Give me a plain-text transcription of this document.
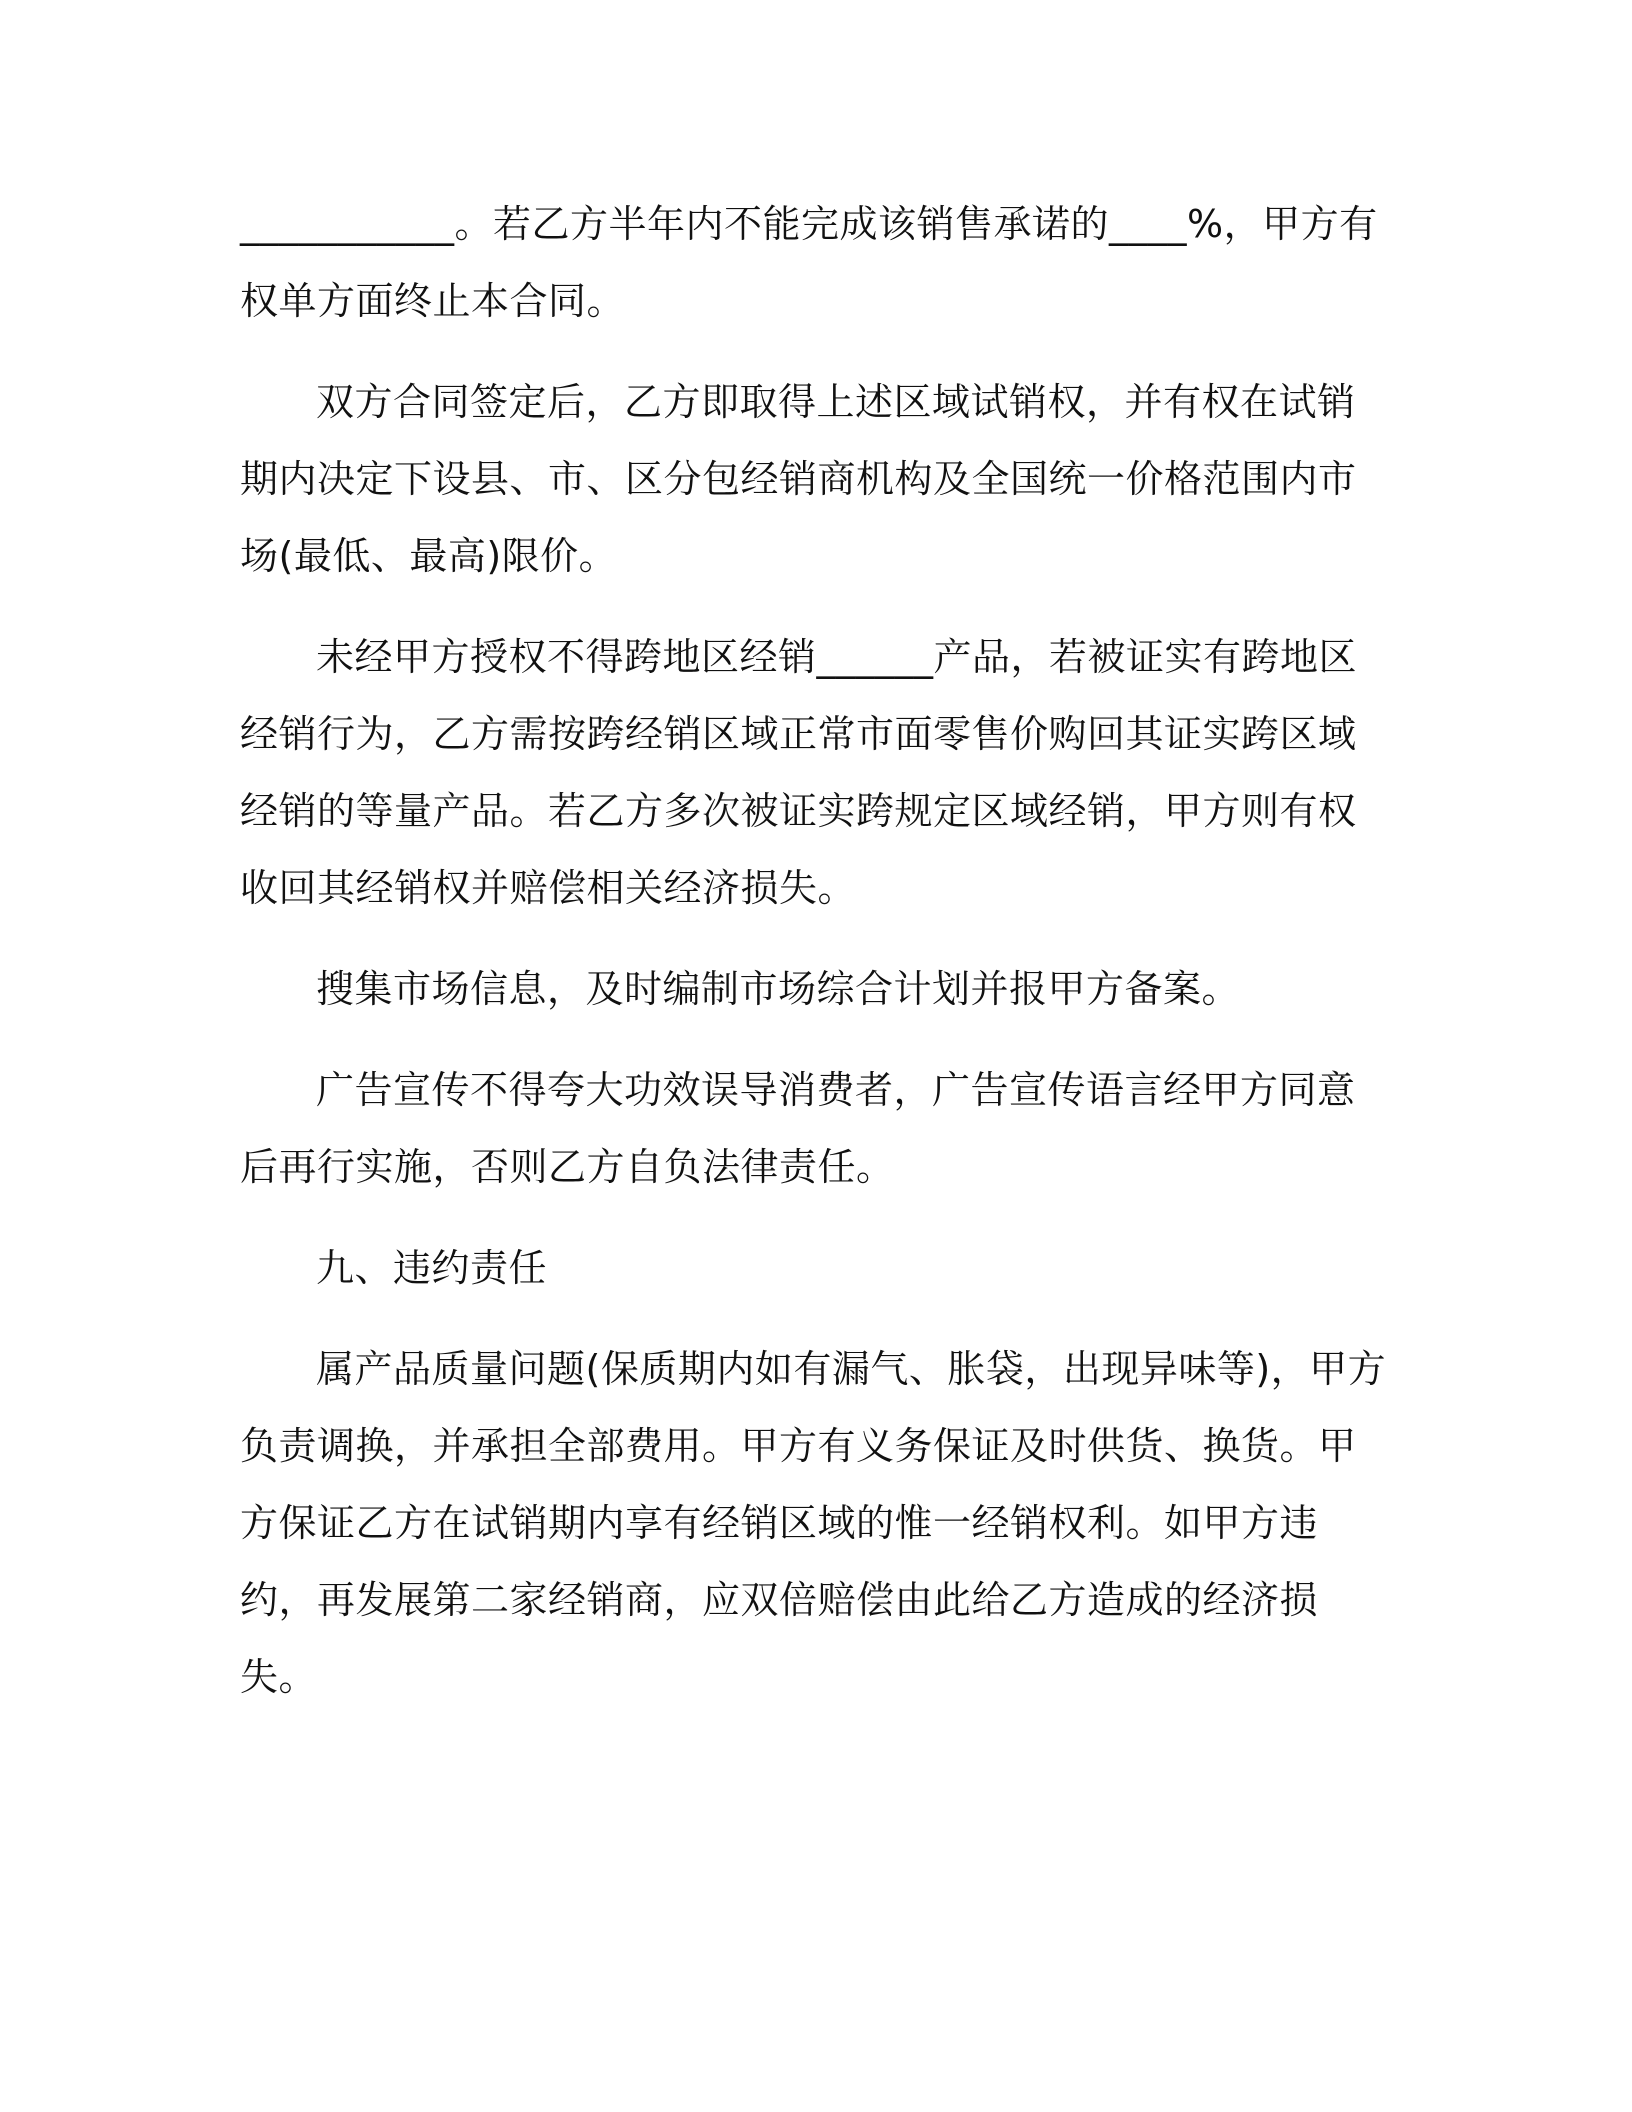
___________。若乙方半年内不能完成该销售承诺的____%，甲方有权单方面终止本合同。

双方合同签定后，乙方即取得上述区域试销权，并有权在试销期内决定下设县、市、区分包经销商机构及全国统一价格范围内市场(最低、最高)限价。

未经甲方授权不得跨地区经销______产品，若被证实有跨地区经销行为，乙方需按跨经销区域正常市面零售价购回其证实跨区域经销的等量产品。若乙方多次被证实跨规定区域经销，甲方则有权收回其经销权并赔偿相关经济损失。

搜集市场信息，及时编制市场综合计划并报甲方备案。

广告宣传不得夸大功效误导消费者，广告宣传语言经甲方同意后再行实施，否则乙方自负法律责任。

九、违约责任

属产品质量问题(保质期内如有漏气、胀袋，出现异味等)，甲方负责调换，并承担全部费用。甲方有义务保证及时供货、换货。甲方保证乙方在试销期内享有经销区域的惟一经销权利。如甲方违约，再发展第二家经销商，应双倍赔偿由此给乙方造成的经济损失。
